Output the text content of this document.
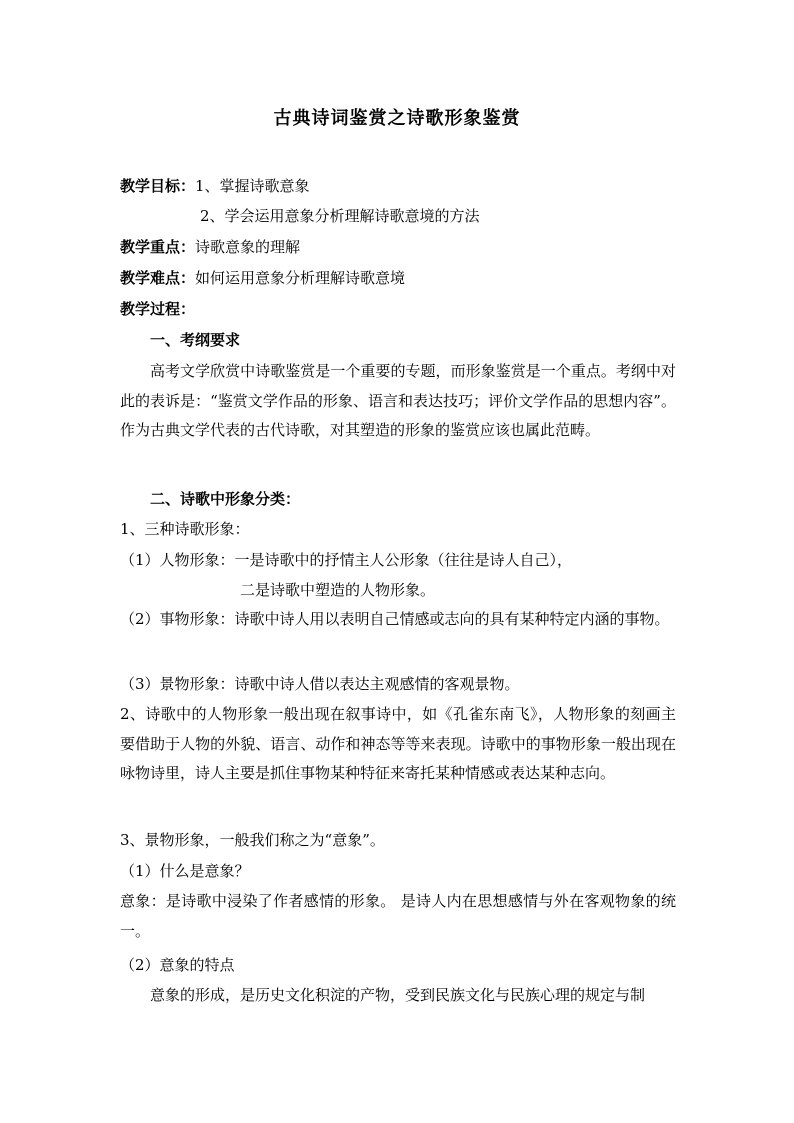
古典诗词鉴赏之诗歌形象鉴赏
教学目标：1、掌握诗歌意象
2、学会运用意象分析理解诗歌意境的方法
教学重点：诗歌意象的理解
教学难点：如何运用意象分析理解诗歌意境
教学过程：
一、考纲要求
高考文学欣赏中诗歌鉴赏是一个重要的专题，而形象鉴赏是一个重点。考纲中对此的表诉是：“鉴赏文学作品的形象、语言和表达技巧；评价文学作品的思想内容”。作为古典文学代表的古代诗歌，对其塑造的形象的鉴赏应该也属此范畴。
二、诗歌中形象分类：
1、三种诗歌形象：
（1）人物形象：一是诗歌中的抒情主人公形象（往往是诗人自己），
二是诗歌中塑造的人物形象。
（2）事物形象：诗歌中诗人用以表明自己情感或志向的具有某种特定内涵的事物。
（3）景物形象：诗歌中诗人借以表达主观感情的客观景物。
2、诗歌中的人物形象一般出现在叙事诗中，如《孔雀东南飞》，人物形象的刻画主要借助于人物的外貌、语言、动作和神态等等来表现。诗歌中的事物形象一般出现在咏物诗里，诗人主要是抓住事物某种特征来寄托某种情感或表达某种志向。
3、景物形象，一般我们称之为“意象”。
（1）什么是意象？
意象：是诗歌中浸染了作者感情的形象。 是诗人内在思想感情与外在客观物象的统一。
（2）意象的特点
意象的形成，是历史文化积淀的产物，受到民族文化与民族心理的规定与制
